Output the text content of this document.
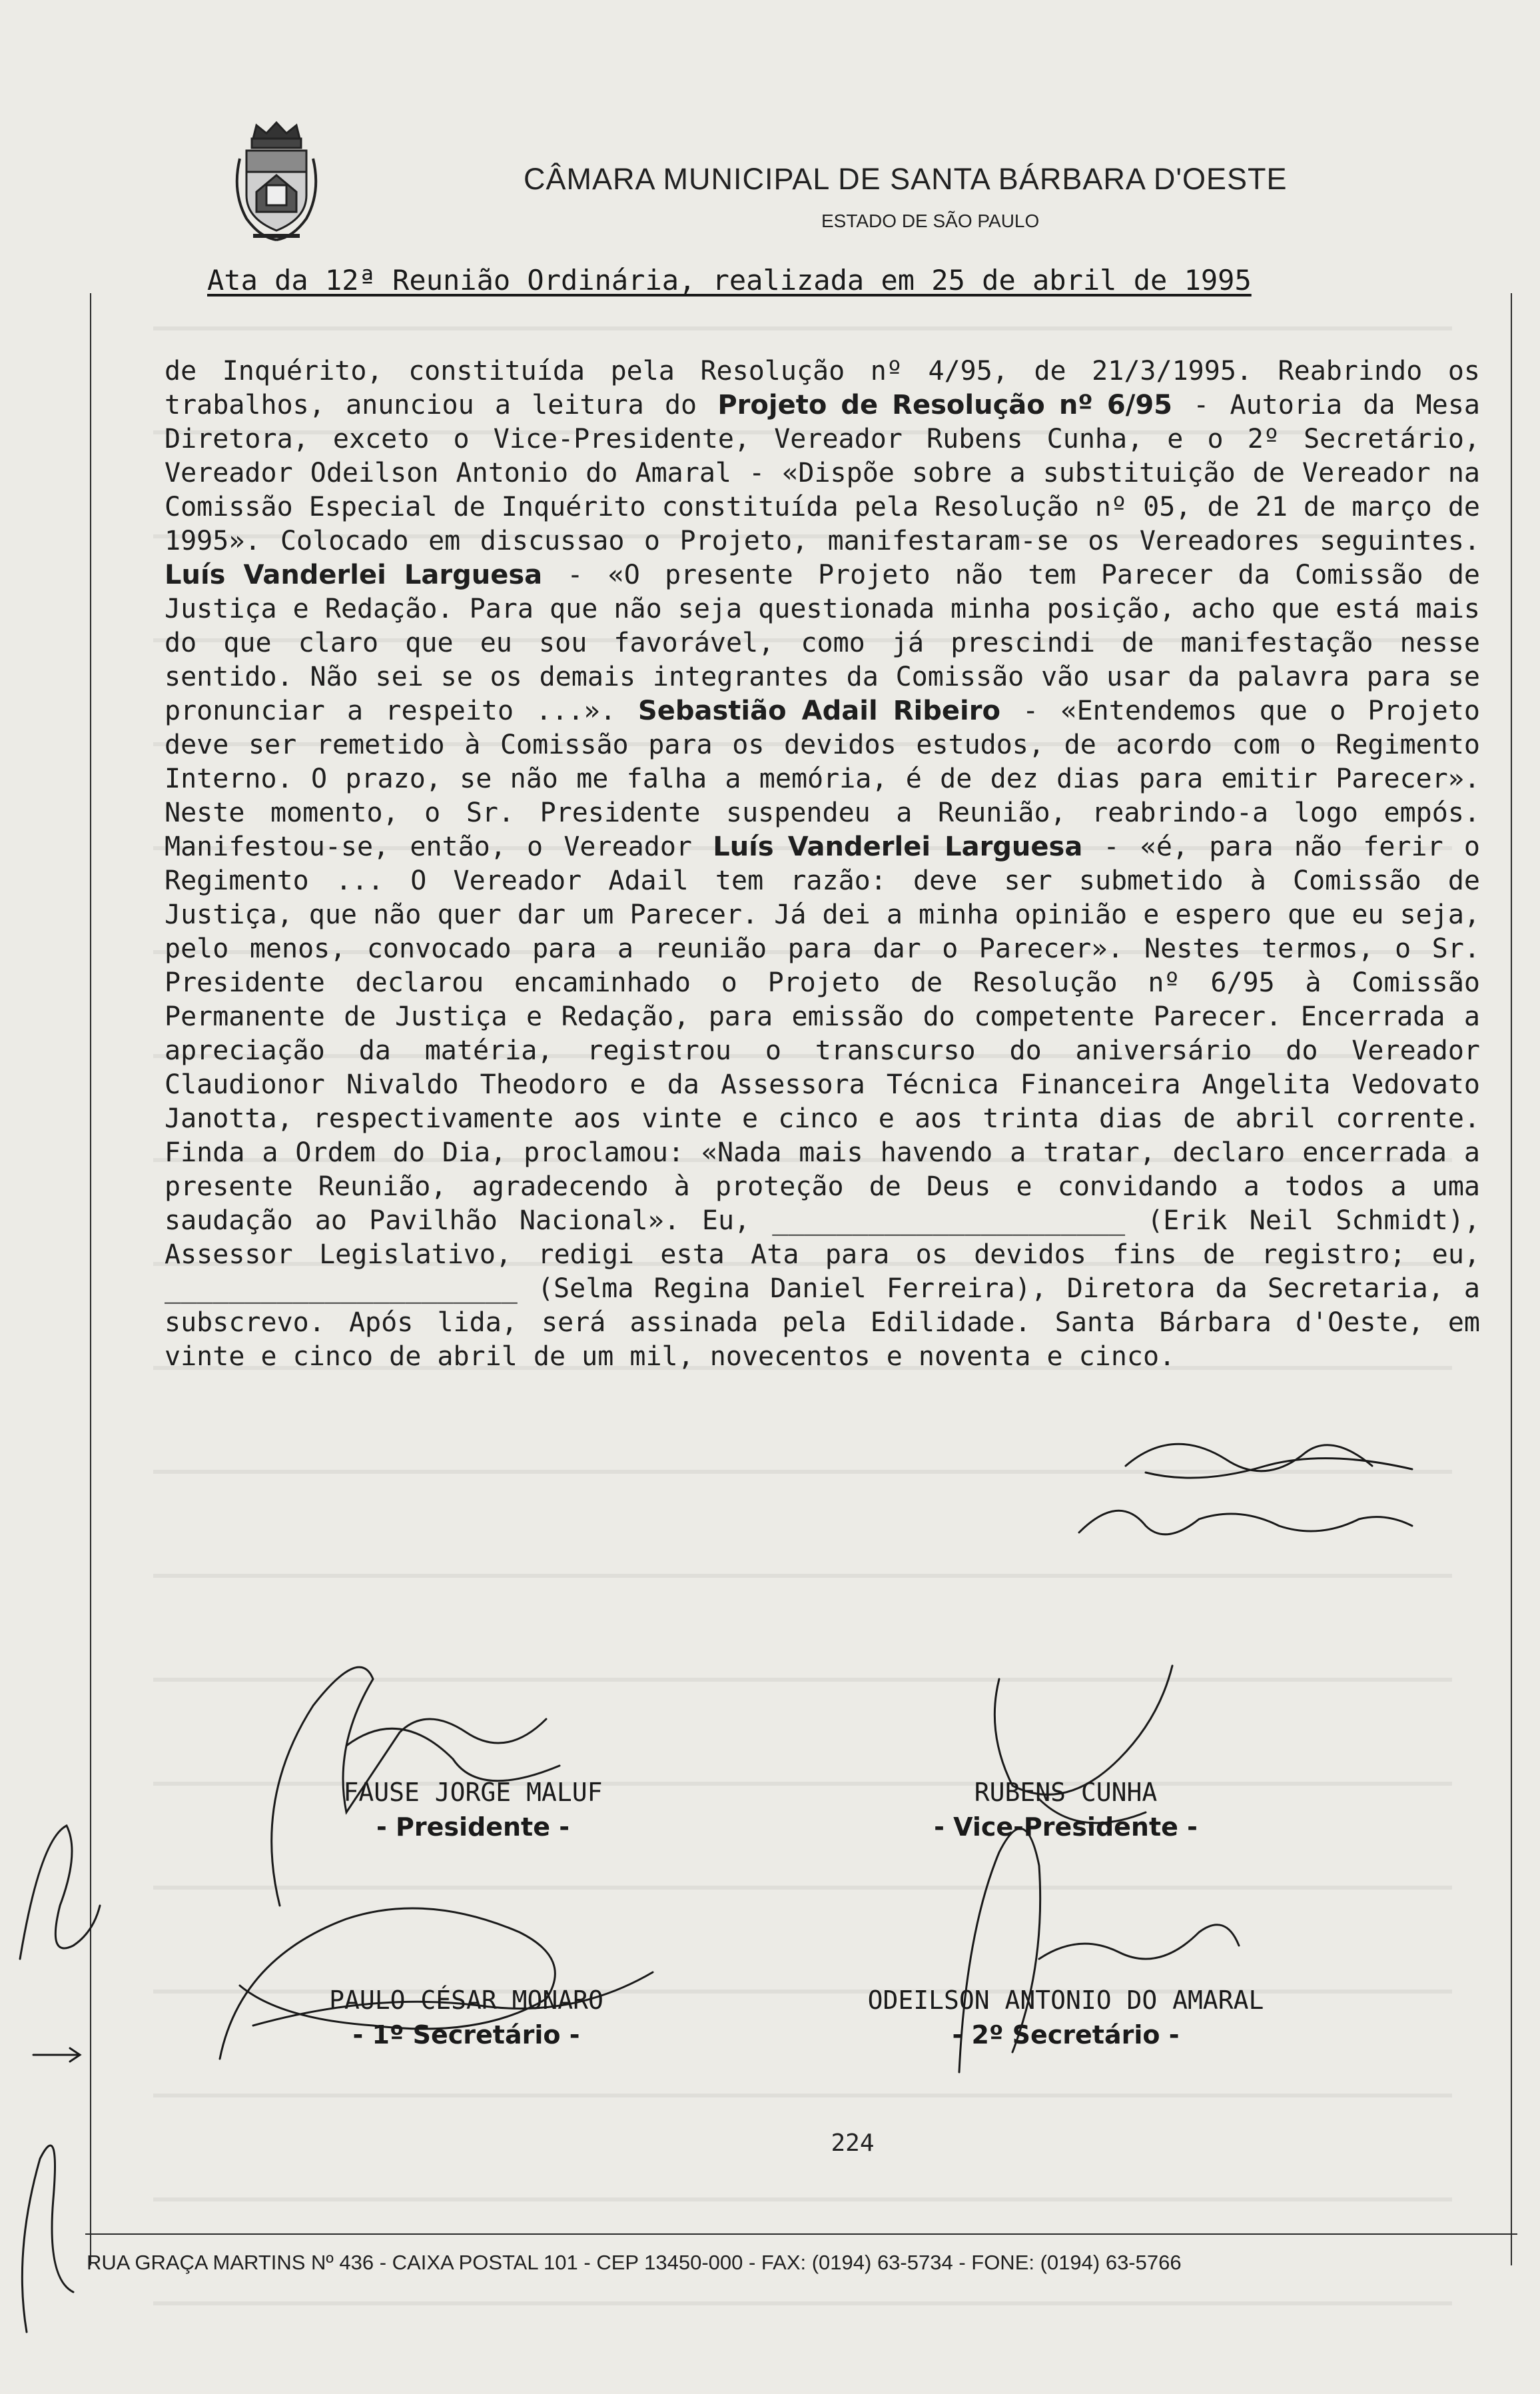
CÂMARA MUNICIPAL DE SANTA BÁRBARA D'OESTE
ESTADO DE SÃO PAULO
Ata da 12ª Reunião Ordinária, realizada em 25 de abril de 1995

de Inquérito, constituída pela Resolução nº 4/95, de 21/3/1995. Reabrindo os trabalhos, anunciou a leitura do Projeto de Resolução nº 6/95 - Autoria da Mesa Diretora, exceto o Vice-Presidente, Vereador Rubens Cunha, e o 2º Secretário, Vereador Odeilson Antonio do Amaral - «Dispõe sobre a substituição de Vereador na Comissão Especial de Inquérito constituída pela Resolução nº 05, de 21 de março de 1995». Colocado em discussao o Projeto, manifestaram-se os Vereadores seguintes. Luís Vanderlei Larguesa - «O presente Projeto não tem Parecer da Comissão de Justiça e Redação. Para que não seja questionada minha posição, acho que está mais do que claro que eu sou favorável, como já prescindi de manifestação nesse sentido. Não sei se os demais integrantes da Comissão vão usar da palavra para se pronunciar a respeito ...». Sebastião Adail Ribeiro - «Entendemos que o Projeto deve ser remetido à Comissão para os devidos estudos, de acordo com o Regimento Interno. O prazo, se não me falha a memória, é de dez dias para emitir Parecer». Neste momento, o Sr. Presidente suspendeu a Reunião, reabrindo-a logo empós. Manifestou-se, então, o Vereador Luís Vanderlei Larguesa - «é, para não ferir o Regimento ... O Vereador Adail tem razão: deve ser submetido à Comissão de Justiça, que não quer dar um Parecer. Já dei a minha opinião e espero que eu seja, pelo menos, convocado para a reunião para dar o Parecer». Nestes termos, o Sr. Presidente declarou encaminhado o Projeto de Resolução nº 6/95 à Comissão Permanente de Justiça e Redação, para emissão do competente Parecer. Encerrada a apreciação da matéria, registrou o transcurso do aniversário do Vereador Claudionor Nivaldo Theodoro e da Assessora Técnica Financeira Angelita Vedovato Janotta, respectivamente aos vinte e cinco e aos trinta dias de abril corrente. Finda a Ordem do Dia, proclamou: «Nada mais havendo a tratar, declaro encerrada a presente Reunião, agradecendo à proteção de Deus e convidando a todos a uma saudação ao Pavilhão Nacional». Eu, ______________________ (Erik Neil Schmidt), Assessor Legislativo, redigi esta Ata para os devidos fins de registro; eu, ______________________ (Selma Regina Daniel Ferreira), Diretora da Secretaria, a subscrevo. Após lida, será assinada pela Edilidade. Santa Bárbara d'Oeste, em vinte e cinco de abril de um mil, novecentos e noventa e cinco.

FAUSE JORGE MALUF
- Presidente -
RUBENS CUNHA
- Vice-Presidente -
PAULO CÉSAR MONARO
- 1º Secretário -
ODEILSON ANTONIO DO AMARAL
- 2º Secretário -
224
RUA GRAÇA MARTINS Nº 436 - CAIXA POSTAL 101 - CEP 13450-000 - FAX: (0194) 63-5734 - FONE: (0194) 63-5766
